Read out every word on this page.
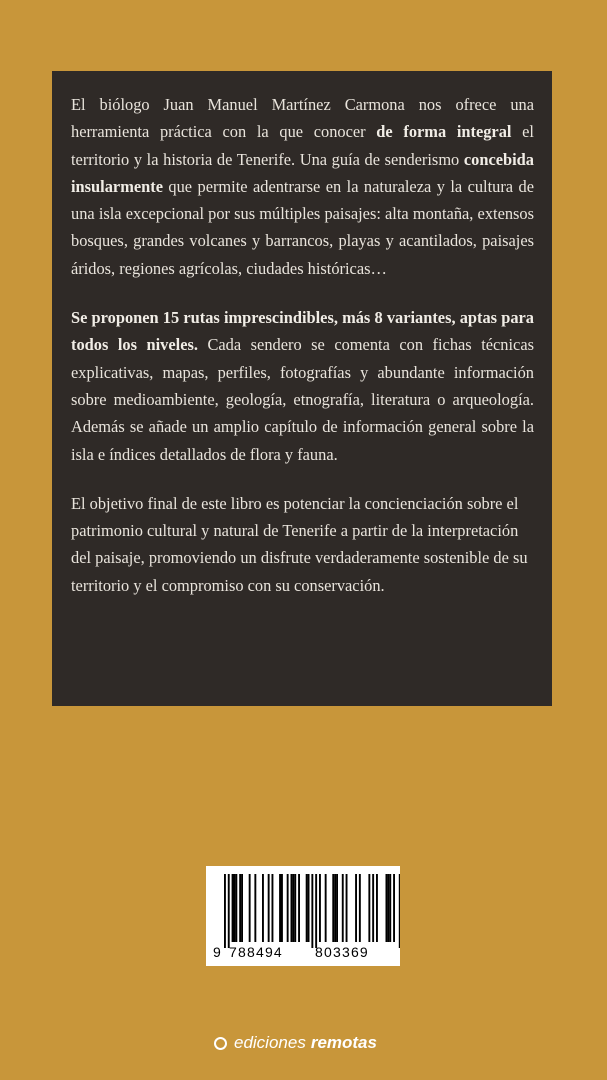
El biólogo Juan Manuel Martínez Carmona nos ofrece una herramienta práctica con la que conocer de forma integral el territorio y la historia de Tenerife. Una guía de senderismo concebida insularmente que permite adentrarse en la naturaleza y la cultura de una isla excepcional por sus múltiples paisajes: alta montaña, extensos bosques, grandes volcanes y barrancos, playas y acantilados, paisajes áridos, regiones agrícolas, ciudades históricas…

Se proponen 15 rutas imprescindibles, más 8 variantes, aptas para todos los niveles. Cada sendero se comenta con fichas técnicas explicativas, mapas, perfiles, fotografías y abundante información sobre medioambiente, geología, etnografía, literatura o arqueología. Además se añade un amplio capítulo de información general sobre la isla e índices detallados de flora y fauna.

El objetivo final de este libro es potenciar la concienciación sobre el patrimonio cultural y natural de Tenerife a partir de la interpretación del paisaje, promoviendo un disfrute verdaderamente sostenible de su territorio y el compromiso con su conservación.

9 788494 803369
ediciones remotas
